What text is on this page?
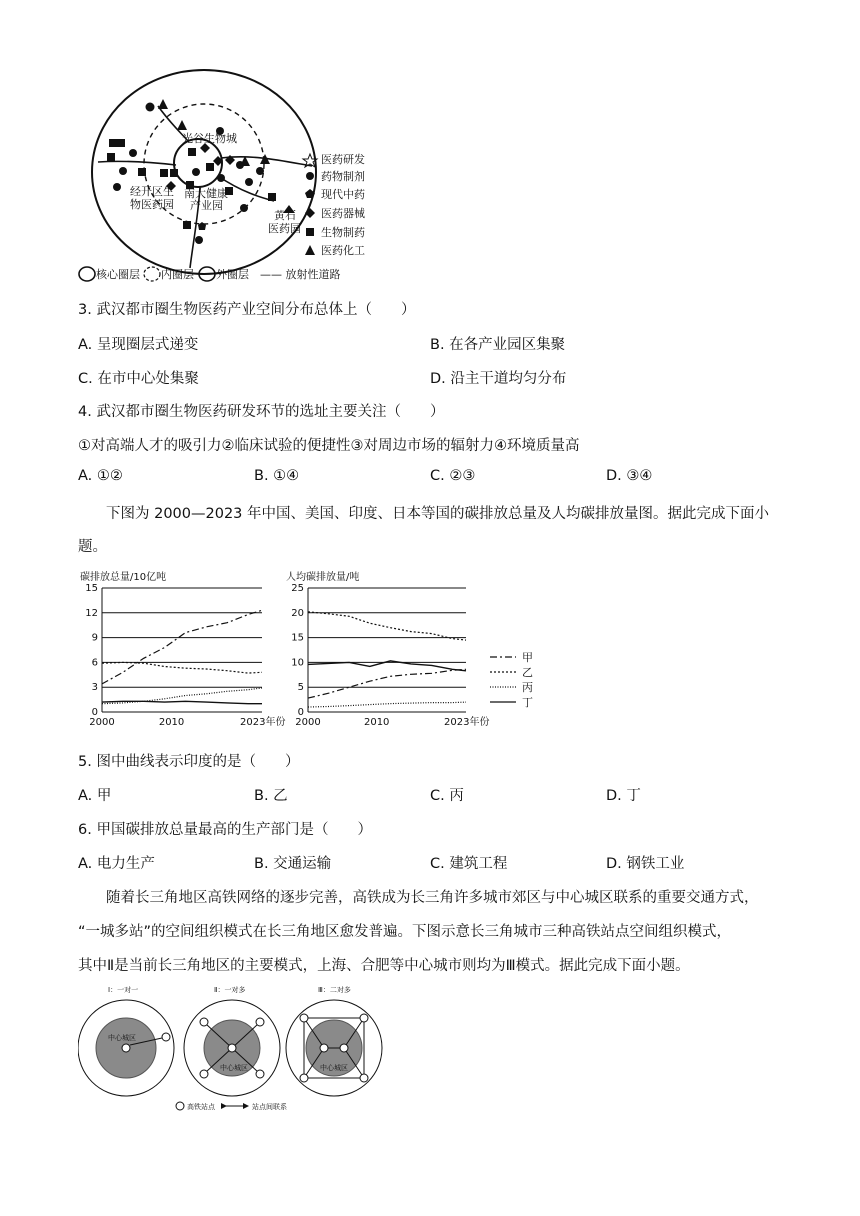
光谷生物城
经开区生
物医药园
南大健康
产业园
黄石
医药园
医药研发
药物制剂
现代中药
医药器械
生物制药
医药化工
核心圈层 内圈层 外圈层 —— 放射性道路
3. 武汉都市圈生物医药产业空间分布总体上（　　）
A. 呈现圈层式递变	B. 在各产业园区集聚
C. 在市中心处集聚	D. 沿主干道均匀分布
4. 武汉都市圈生物医药研发环节的选址主要关注（　　）
①对高端人才的吸引力②临床试验的便捷性③对周边市场的辐射力④环境质量高
A. ①②	B. ①④	C. ②③	D. ③④
下图为 2000—2023 年中国、美国、印度、日本等国的碳排放总量及人均碳排放量图。据此完成下面小
题。
碳排放总量/10亿吨
0
3
6
9
12
15
2000	2010	2023年份
人均碳排放量/吨
0
5
10
15
20
25
2000	2010	2023年份
甲
乙
丙
丁
5. 图中曲线表示印度的是（　　）
A. 甲	B. 乙	C. 丙	D. 丁
6. 甲国碳排放总量最高的生产部门是（　　）
A. 电力生产	B. 交通运输	C. 建筑工程	D. 钢铁工业
随着长三角地区高铁网络的逐步完善，高铁成为长三角许多城市郊区与中心城区联系的重要交通方式，
“一城多站”的空间组织模式在长三角地区愈发普遍。下图示意长三角城市三种高铁站点空间组织模式，
其中Ⅱ是当前长三角地区的主要模式，上海、合肥等中心城市则均为Ⅲ模式。据此完成下面小题。
Ⅰ：一对一	Ⅱ：一对多	Ⅲ：二对多
中心城区
中心城区	中心城区
高铁站点	站点间联系
